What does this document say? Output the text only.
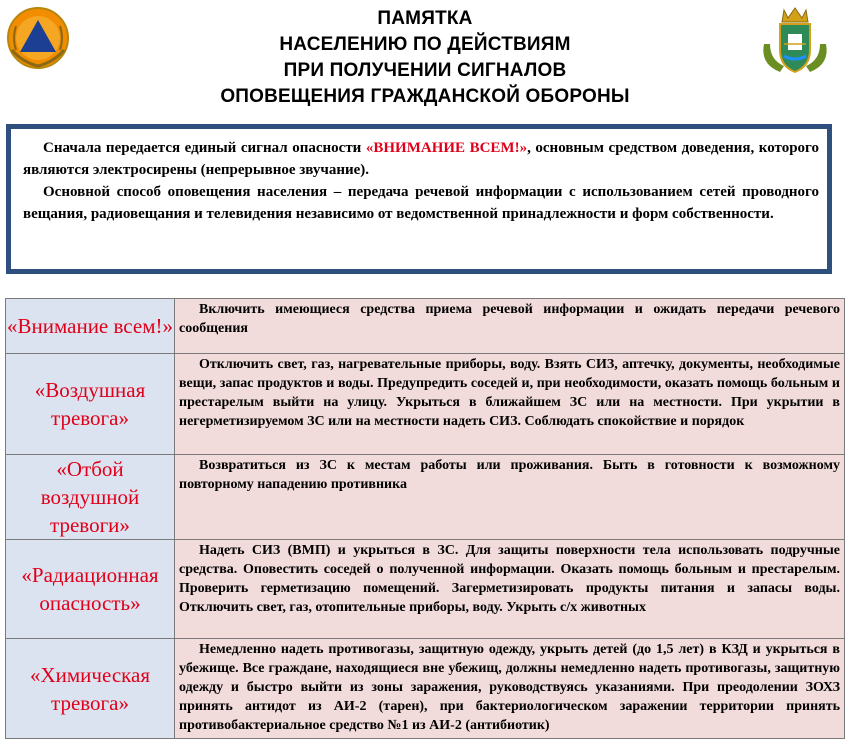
ПАМЯТКА
НАСЕЛЕНИЮ ПО ДЕЙСТВИЯМ
ПРИ ПОЛУЧЕНИИ СИГНАЛОВ
ОПОВЕЩЕНИЯ ГРАЖДАНСКОЙ ОБОРОНЫ

Сначала передается единый сигнал опасности «ВНИМАНИЕ ВСЕМ!», основным средством доведения, которого являются электросирены (непрерывное звучание).

Основной способ оповещения населения – передача речевой информации с использованием сетей проводного вещания, радиовещания и телевидения независимо от ведомственной принадлежности и форм собственности.

«Внимание всем!»	Включить имеющиеся средства приема речевой информации и ожидать передачи речевого сообщения
«Воздушная тревога»	Отключить свет, газ, нагревательные приборы, воду. Взять СИЗ, аптечку, документы, необходимые вещи, запас продуктов и воды. Предупредить соседей и, при необходимости, оказать помощь больным и престарелым выйти на улицу. Укрыться в ближайшем ЗС или на местности. При укрытии в негерметизируемом ЗС или на местности надеть СИЗ. Соблюдать спокойствие и порядок
«Отбой воздушной тревоги»	Возвратиться из ЗС к местам работы или проживания. Быть в готовности к возможному повторному нападению противника
«Радиационная опасность»	Надеть СИЗ (ВМП) и укрыться в ЗС. Для защиты поверхности тела использовать подручные средства. Оповестить соседей о полученной информации. Оказать помощь больным и престарелым. Проверить герметизацию помещений. Загерметизировать продукты питания и запасы воды. Отключить свет, газ, отопительные приборы, воду. Укрыть с/х животных
«Химическая тревога»	Немедленно надеть противогазы, защитную одежду, укрыть детей (до 1,5 лет) в КЗД и укрыться в убежище. Все граждане, находящиеся вне убежищ, должны немедленно надеть противогазы, защитную одежду и быстро выйти из зоны заражения, руководствуясь указаниями. При преодолении ЗОХЗ принять антидот из АИ-2 (тарен), при бактериологическом заражении территории принять противобактериальное средство №1 из АИ-2 (антибиотик)
